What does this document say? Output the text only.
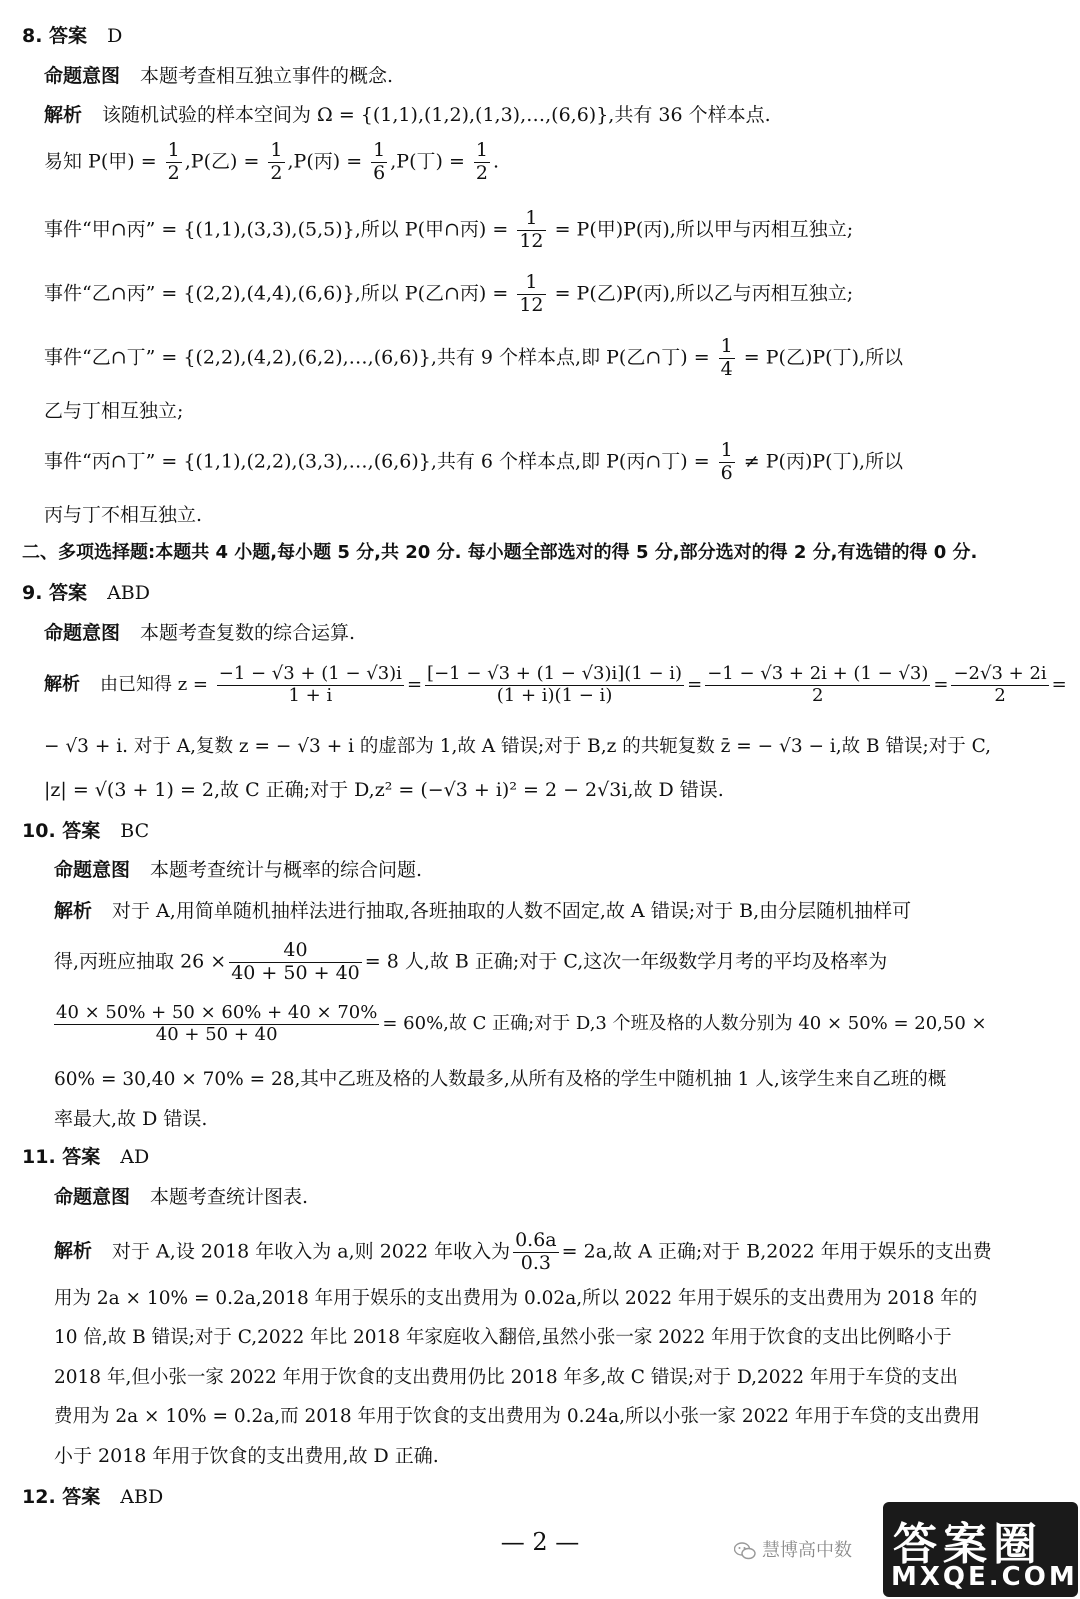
8. 答案 D
命题意图 本题考查相互独立事件的概念.
解析 该随机试验的样本空间为 Ω = {(1,1),(1,2),(1,3),…,(6,6)},共有 36 个样本点.
易知 P(甲) = $\frac{1}{2} ,P$(乙) = $\frac{1}{2} ,P$(丙) = $\frac{1}{6} ,P$(丁) = $\frac{1}{2}$ .
事件“甲∩丙” = {(1,1),(3,3),(5,5)},所以 P(甲∩丙) = $\frac{1}{12} = P$(甲)P(丙),所以甲与丙相互独立;
事件“乙∩丙” = {(2,2),(4,4),(6,6)},所以 P(乙∩丙) = $\frac{1}{12} = P$(乙)P(丙),所以乙与丙相互独立;
事件“乙∩丁” = {(2,2),(4,2),(6,2),…,(6,6)},共有 9 个样本点,即 P(乙∩丁) = $\frac{1}{4} = P$(乙)P(丁),所以
乙与丁相互独立;
事件“丙∩丁” = {(1,1),(2,2),(3,3),…,(6,6)},共有 6 个样本点,即 P(丙∩丁) = $\frac{1}{6} \ne P$(丙)P(丁),所以
丙与丁不相互独立.
二、多项选择题:本题共 4 小题,每小题 5 分,共 20 分. 每小题全部选对的得 5 分,部分选对的得 2 分,有选错的得 0 分.
9. 答案 ABD
命题意图 本题考查复数的综合运算.
解析 由已知得 $z = \frac{-1 - √3 + (1 - √3)i}{1 + i} = \frac{[-1 - √3 + (1 - √3)i](1 - i)}{(1 + i)(1 - i)} = \frac{-1 - √3 + 2i + (1 - √3)}{2} = \frac{-2√3 + 2i}{2}$ =
− √3 + i. 对于 A,复数 z = − √3 + i 的虚部为 1,故 A 错误;对于 B,z 的共轭复数 z̄ = − √3 − i,故 B 错误;对于 C,
|z| = √(3 + 1) = 2,故 C 正确;对于 D,z² = (−√3 + i)² = 2 − 2√3i,故 D 错误.
10. 答案 BC
命题意图 本题考查统计与概率的综合问题.
解析 对于 A,用简单随机抽样法进行抽取,各班抽取的人数不固定,故 A 错误;对于 B,由分层随机抽样可
得,丙班应抽取 $26 \times \frac{40}{40 + 50 + 40} = 8$ 人,故 B 正确;对于 C,这次一年级数学月考的平均及格率为
$\frac{40 \times 50\% + 50 \times 60\% + 40 \times 70\%}{40 + 50 + 40} = 60\%$,故 C 正确;对于 D,3 个班及格的人数分别为 40 × 50% = 20,50 ×
60% = 30,40 × 70% = 28,其中乙班及格的人数最多,从所有及格的学生中随机抽 1 人,该学生来自乙班的概
率最大,故 D 错误.
11. 答案 AD
命题意图 本题考查统计图表.
解析 对于 A,设 2018 年收入为 a,则 2022 年收入为 $\frac{0.6a}{0.3} = 2a$,故 A 正确;对于 B,2022 年用于娱乐的支出费
用为 2a × 10% = 0.2a,2018 年用于娱乐的支出费用为 0.02a,所以 2022 年用于娱乐的支出费用为 2018 年的
10 倍,故 B 错误;对于 C,2022 年比 2018 年家庭收入翻倍,虽然小张一家 2022 年用于饮食的支出比例略小于
2018 年,但小张一家 2022 年用于饮食的支出费用仍比 2018 年多,故 C 错误;对于 D,2022 年用于车贷的支出
费用为 2a × 10% = 0.2a,而 2018 年用于饮食的支出费用为 0.24a,所以小张一家 2022 年用于车贷的支出费用
小于 2018 年用于饮食的支出费用,故 D 正确.
12. 答案 ABD
— 2 —	慧博高中数 答案圈
MXQE.COM
